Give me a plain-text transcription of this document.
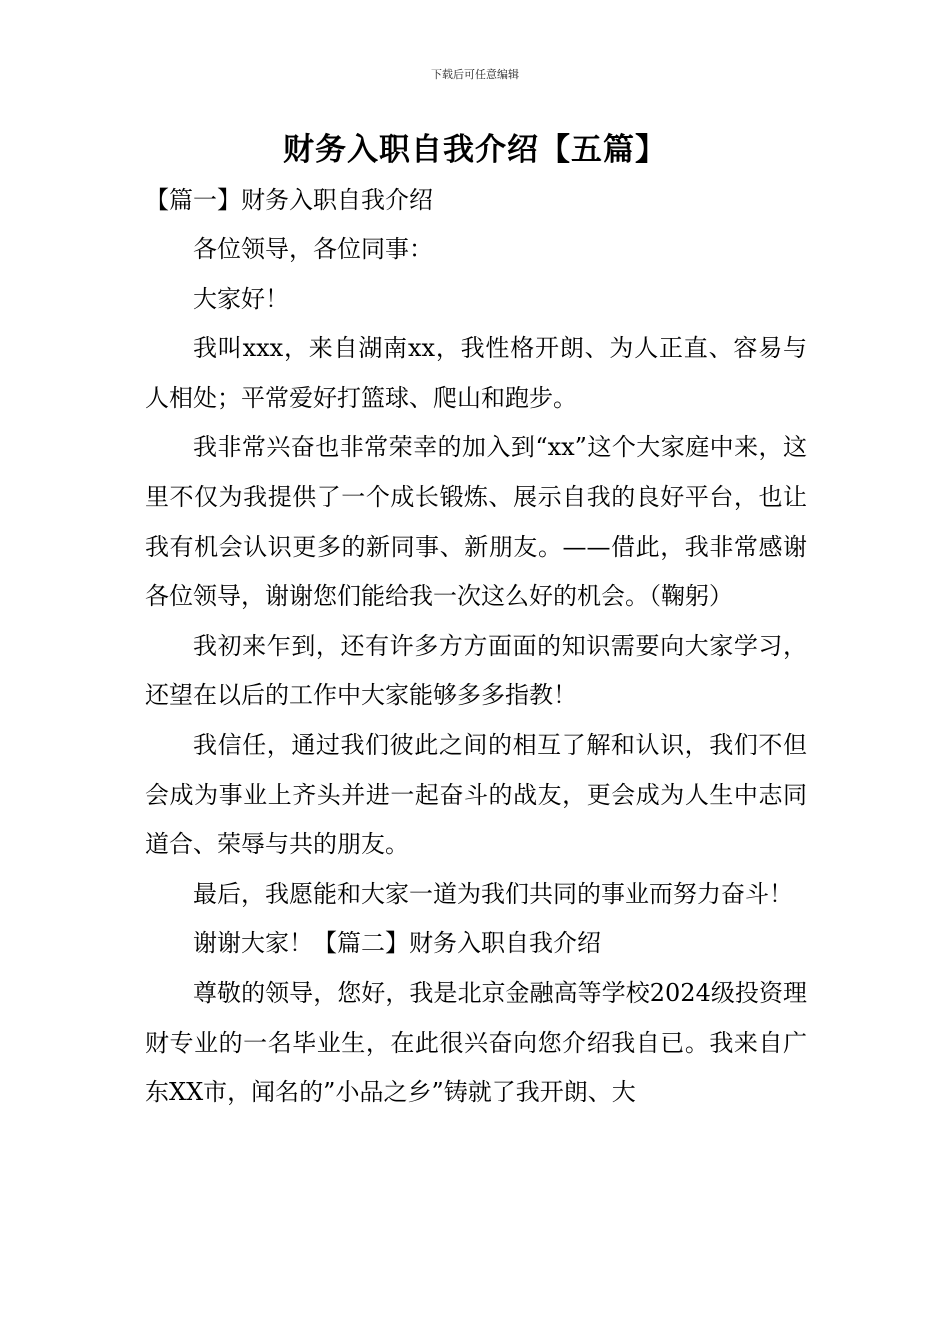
下载后可任意编辑
财务入职自我介绍【五篇】

【篇一】财务入职自我介绍

各位领导，各位同事：

大家好！

我叫xxx，来自湖南xx，我性格开朗、为人正直、容易与人相处；平常爱好打篮球、爬山和跑步。

我非常兴奋也非常荣幸的加入到“xx”这个大家庭中来，这里不仅为我提供了一个成长锻炼、展示自我的良好平台，也让我有机会认识更多的新同事、新朋友。——借此，我非常感谢各位领导，谢谢您们能给我一次这么好的机会。（鞠躬）

我初来乍到，还有许多方方面面的知识需要向大家学习，还望在以后的工作中大家能够多多指教！

我信任，通过我们彼此之间的相互了解和认识，我们不但会成为事业上齐头并进一起奋斗的战友，更会成为人生中志同道合、荣辱与共的朋友。

最后，我愿能和大家一道为我们共同的事业而努力奋斗！

谢谢大家！【篇二】财务入职自我介绍

尊敬的领导，您好，我是北京金融高等学校2024级投资理财专业的一名毕业生，在此很兴奋向您介绍我自已。我来自广东XX市，闻名的”小品之乡”铸就了我开朗、大
